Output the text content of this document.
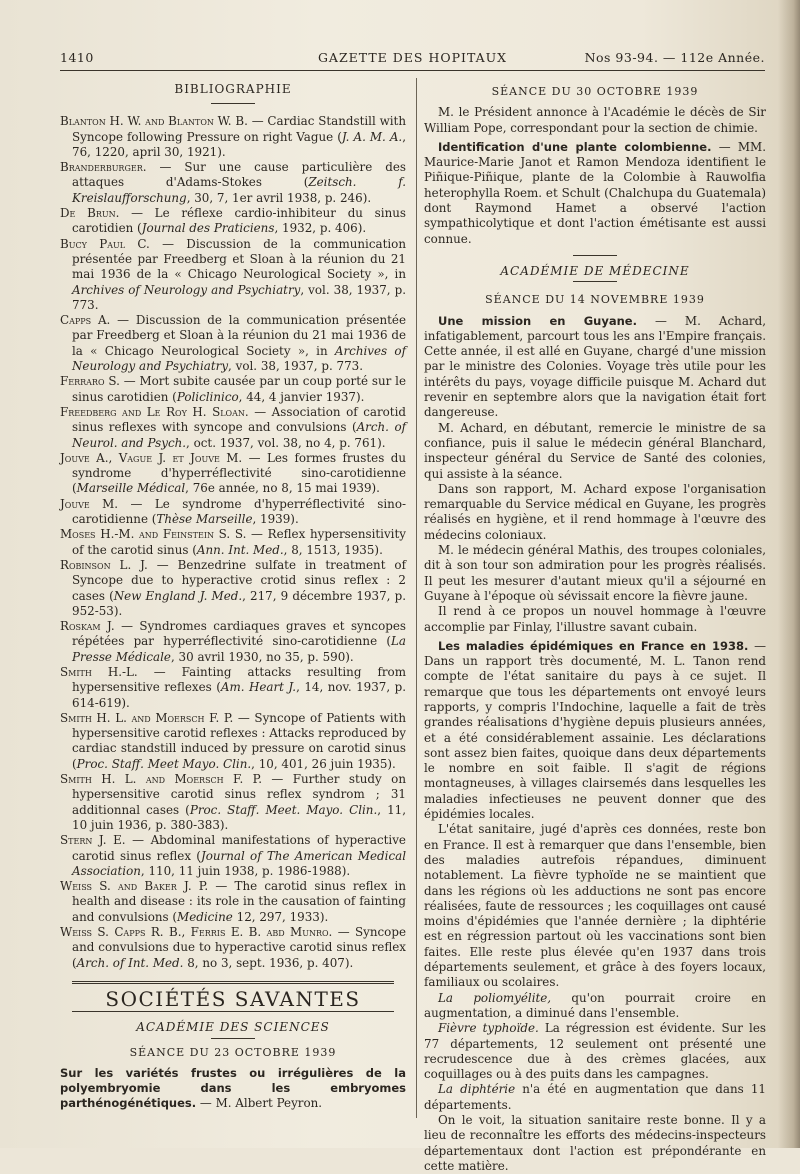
1410	GAZETTE DES HOPITAUX	Nos 93-94. — 112e Année.
BIBLIOGRAPHIE

Blanton H. W. and Blanton W. B. — Cardiac Standstill with Syncope following Pressure on right Vague (J. A. M. A., 76, 1220, april 30, 1921).

Branderburger. — Sur une cause particulière des attaques d'Adams-Stokes (Zeitsch. f. Kreislaufforschung, 30, 7, 1er avril 1938, p. 246).

De Brun. — Le réflexe cardio-inhibiteur du sinus carotidien (Journal des Praticiens, 1932, p. 406).

Bucy Paul C. — Discussion de la communication présentée par Freedberg et Sloan à la réunion du 21 mai 1936 de la « Chicago Neurological Society », in Archives of Neurology and Psychiatry, vol. 38, 1937, p. 773.

Capps A. — Discussion de la communication présentée par Freedberg et Sloan à la réunion du 21 mai 1936 de la « Chicago Neurological Society », in Archives of Neurology and Psychiatry, vol. 38, 1937, p. 773.

Ferraro S. — Mort subite causée par un coup porté sur le sinus carotidien (Policlinico, 44, 4 janvier 1937).

Freedberg and Le Roy H. Sloan. — Association of carotid sinus reflexes with syncope and convulsions (Arch. of Neurol. and Psych., oct. 1937, vol. 38, no 4, p. 761).

Jouve A., Vague J. et Jouve M. — Les formes frustes du syndrome d'hyperréflectivité sino-carotidienne (Marseille Médical, 76e année, no 8, 15 mai 1939).

Jouve M. — Le syndrome d'hyperréflectivité sino-carotidienne (Thèse Marseille, 1939).

Moses H.-M. and Feinstein S. S. — Reflex hypersensitivity of the carotid sinus (Ann. Int. Med., 8, 1513, 1935).

Robinson L. J. — Benzedrine sulfate in treatment of Syncope due to hyperactive crotid sinus reflex : 2 cases (New England J. Med., 217, 9 décembre 1937, p. 952-53).

Roskam J. — Syndromes cardiaques graves et syncopes répétées par hyperréflectivité sino-carotidienne (La Presse Médicale, 30 avril 1930, no 35, p. 590).

Smith H.-L. — Fainting attacks resulting from hypersensitive reflexes (Am. Heart J., 14, nov. 1937, p. 614-619).

Smith H. L. and Moersch F. P. — Syncope of Patients with hypersensitive carotid reflexes : Attacks reproduced by cardiac standstill induced by pressure on carotid sinus (Proc. Staff. Meet Mayo. Clin., 10, 401, 26 juin 1935).

Smith H. L. and Moersch F. P. — Further study on hypersensitive carotid sinus reflex syndrom ; 31 additionnal cases (Proc. Staff. Meet. Mayo. Clin., 11, 10 juin 1936, p. 380-383).

Stern J. E. — Abdominal manifestations of hyperactive carotid sinus reflex (Journal of The American Medical Association, 110, 11 juin 1938, p. 1986-1988).

Weiss S. and Baker J. P. — The carotid sinus reflex in health and disease : its role in the causation of fainting and convulsions (Medicine 12, 297, 1933).

Weiss S. Capps R. B., Ferris E. B. abd Munro. — Syncope and convulsions due to hyperactive carotid sinus reflex (Arch. of Int. Med. 8, no 3, sept. 1936, p. 407).

SOCIÉTÉS SAVANTES
ACADÉMIE DES SCIENCES
SÉANCE DU 23 OCTOBRE 1939

Sur les variétés frustes ou irrégulières de la polyembryomie dans les embryomes parthénogénétiques. — M. Albert Peyron.

SÉANCE DU 30 OCTOBRE 1939

M. le Président annonce à l'Académie le décès de Sir William Pope, correspondant pour la section de chimie.

Identification d'une plante colombienne. — MM. Maurice-Marie Janot et Ramon Mendoza identifient le Piñique-Piñique, plante de la Colombie à Rauwolfia heterophylla Roem. et Schult (Chalchupa du Guatemala) dont Raymond Hamet a observé l'action sympathicolytique et dont l'action émétisante est aussi connue.

ACADÉMIE DE MÉDECINE
SÉANCE DU 14 NOVEMBRE 1939

Une mission en Guyane. — M. Achard, infatigablement, parcourt tous les ans l'Empire français. Cette année, il est allé en Guyane, chargé d'une mission par le ministre des Colonies. Voyage très utile pour les intérêts du pays, voyage difficile puisque M. Achard dut revenir en septembre alors que la navigation était fort dangereuse.

M. Achard, en débutant, remercie le ministre de sa confiance, puis il salue le médecin général Blanchard, inspecteur général du Service de Santé des colonies, qui assiste à la séance.

Dans son rapport, M. Achard expose l'organisation remarquable du Service médical en Guyane, les progrès réalisés en hygiène, et il rend hommage à l'œuvre des médecins coloniaux.

M. le médecin général Mathis, des troupes coloniales, dit à son tour son admiration pour les progrès réalisés. Il peut les mesurer d'autant mieux qu'il a séjourné en Guyane à l'époque où sévissait encore la fièvre jaune.

Il rend à ce propos un nouvel hommage à l'œuvre accomplie par Finlay, l'illustre savant cubain.

Les maladies épidémiques en France en 1938. — Dans un rapport très documenté, M. L. Tanon rend compte de l'état sanitaire du pays à ce sujet. Il remarque que tous les départements ont envoyé leurs rapports, y compris l'Indochine, laquelle a fait de très grandes réalisations d'hygiène depuis plusieurs années, et a été considérablement assainie. Les déclarations sont assez bien faites, quoique dans deux départements le nombre en soit faible. Il s'agit de régions montagneuses, à villages clairsemés dans lesquelles les maladies infectieuses ne peuvent donner que des épidémies locales.

L'état sanitaire, jugé d'après ces données, reste bon en France. Il est à remarquer que dans l'ensemble, bien des maladies autrefois répandues, diminuent notablement. La fièvre typhoïde ne se maintient que dans les régions où les adductions ne sont pas encore réalisées, faute de ressources ; les coquillages ont causé moins d'épidémies que l'année dernière ; la diphtérie est en régression partout où les vaccinations sont bien faites. Elle reste plus élevée qu'en 1937 dans trois départements seulement, et grâce à des foyers locaux, familiaux ou scolaires.

La poliomyélite, qu'on pourrait croire en augmentation, a diminué dans l'ensemble.

Fièvre typhoïde. La régression est évidente. Sur les 77 départements, 12 seulement ont présenté une recrudescence due à des crèmes glacées, aux coquillages ou à des puits dans les campagnes.

La diphtérie n'a été en augmentation que dans 11 départements.

On le voit, la situation sanitaire reste bonne. Il y a lieu de reconnaître les efforts des médecins-inspecteurs départementaux dont l'action est prépondérante en cette matière.
